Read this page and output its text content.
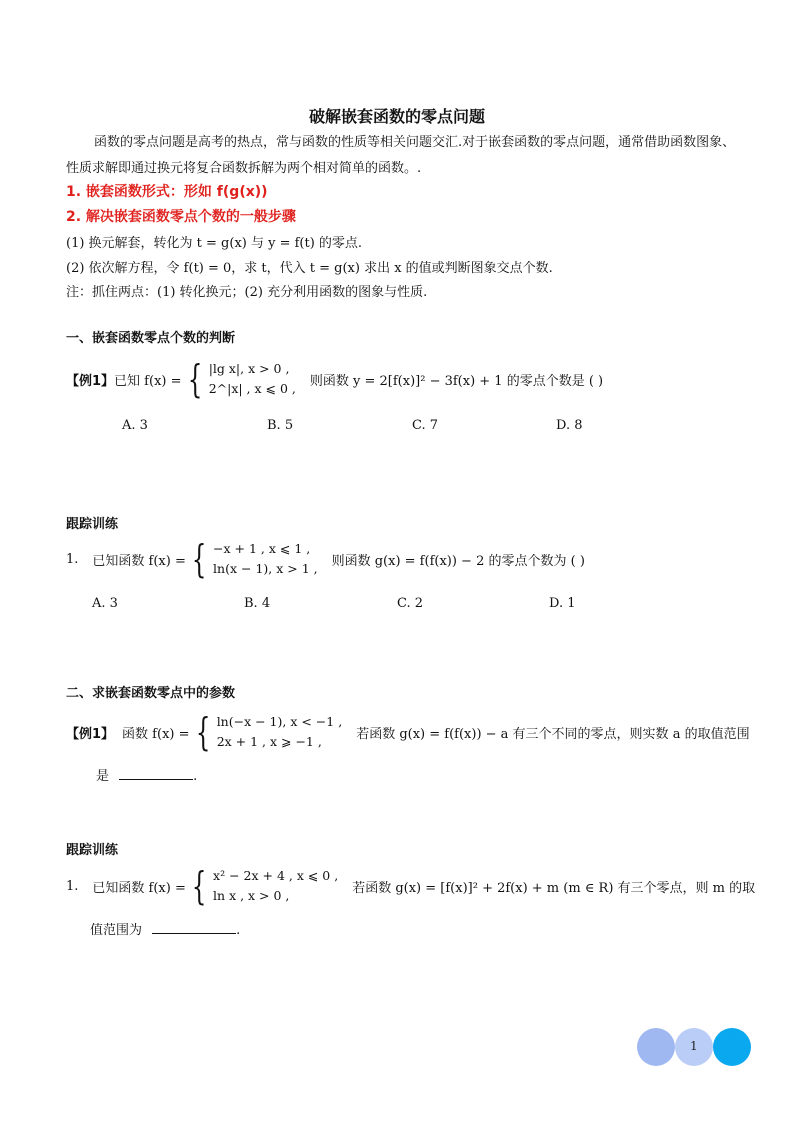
破解嵌套函数的零点问题
函数的零点问题是高考的热点，常与函数的性质等相关问题交汇.对于嵌套函数的零点问题，通常借助函数图象、性质求解即通过换元将复合函数拆解为两个相对简单的函数。.
1. 嵌套函数形式：形如 f(g(x))
2. 解决嵌套函数零点个数的一般步骤
(1) 换元解套，转化为 t = g(x) 与 y = f(t) 的零点.
(2) 依次解方程，令 f(t) = 0，求 t，代入 t = g(x) 求出 x 的值或判断图象交点个数.
注：抓住两点：(1) 转化换元；(2) 充分利用函数的图象与性质.
一、嵌套函数零点个数的判断
【例1】 已知 f(x) = { |lg x|, x > 0 ,
2^|x| , x ⩽ 0 , 则函数 y = 2[f(x)]² − 3f(x) + 1 的零点个数是 ( )
A. 3	B. 5	C. 7	D. 8
跟踪训练
1. 已知函数 f(x) = { −x + 1 , x ⩽ 1 ,
ln(x − 1), x > 1 , 则函数 g(x) = f(f(x)) − 2 的零点个数为 ( )
A. 3	B. 4	C. 2	D. 1
二、求嵌套函数零点中的参数
【例1】 函数 f(x) = { ln(−x − 1), x < −1 ,
2x + 1 , x ⩾ −1 ,	若函数 g(x) = f(f(x)) − a 有三个不同的零点，则实数 a 的取值范围
是	.
跟踪训练
1. 已知函数 f(x) = { x² − 2x + 4 , x ⩽ 0 ,
ln x , x > 0 ,	若函数 g(x) = [f(x)]² + 2f(x) + m (m ∈ R) 有三个零点，则 m 的取
值范围为	.
1
